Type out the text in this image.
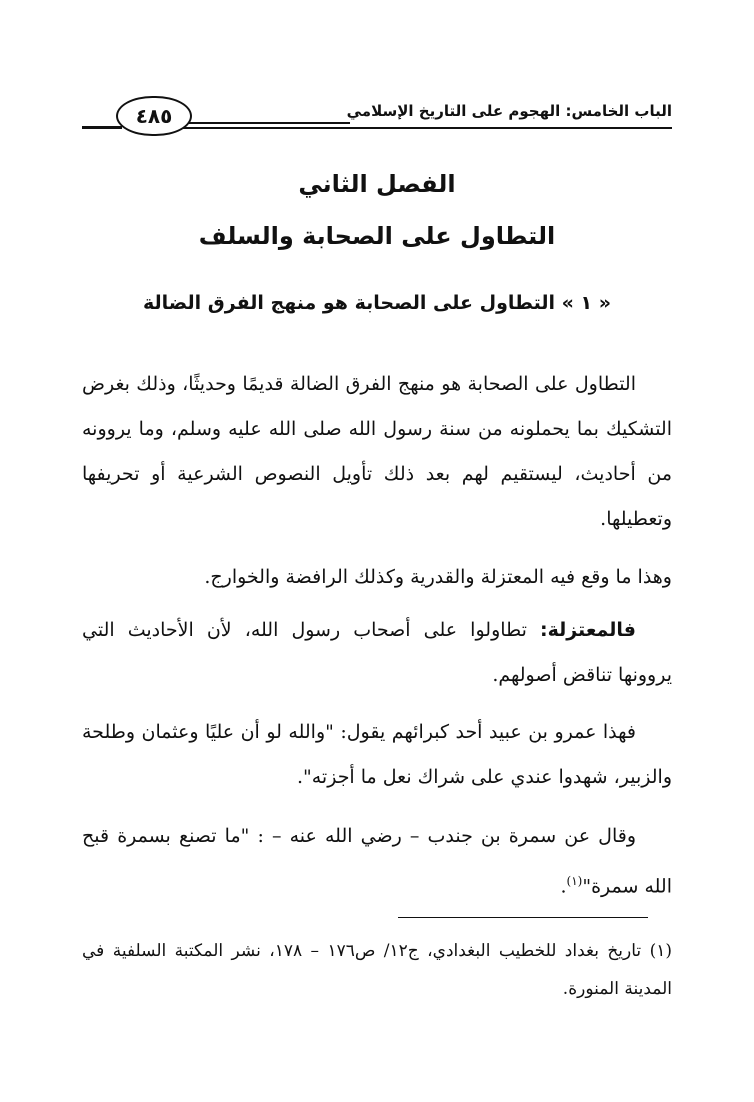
الباب الخامس: الهجوم على التاريخ الإسلامي
٤٨٥
الفصل الثاني
التطاول على الصحابة والسلف
« ١ » التطاول على الصحابة هو منهج الفرق الضالة
التطاول على الصحابة هو منهج الفرق الضالة قديمًا وحديثًا، وذلك بغرض التشكيك بما يحملونه من سنة رسول الله صلى الله عليه وسلم، وما يروونه من أحاديث، ليستقيم لهم بعد ذلك تأويل النصوص الشرعية أو تحريفها وتعطيلها.
وهذا ما وقع فيه المعتزلة والقدرية وكذلك الرافضة والخوارج.
فالمعتزلة: تطاولوا على أصحاب رسول الله، لأن الأحاديث التي يروونها تناقض أصولهم.
فهذا عمرو بن عبيد أحد كبرائهم يقول: "والله لو أن عليًا وعثمان وطلحة والزبير، شهدوا عندي على شراك نعل ما أجزته".
وقال عن سمرة بن جندب – رضي الله عنه – : "ما تصنع بسمرة قبح الله سمرة"$^{(١)}$.
(١) تاريخ بغداد للخطيب البغدادي، ج١٢/ ص١٧٦ – ١٧٨، نشر المكتبة السلفية في المدينة المنورة.
